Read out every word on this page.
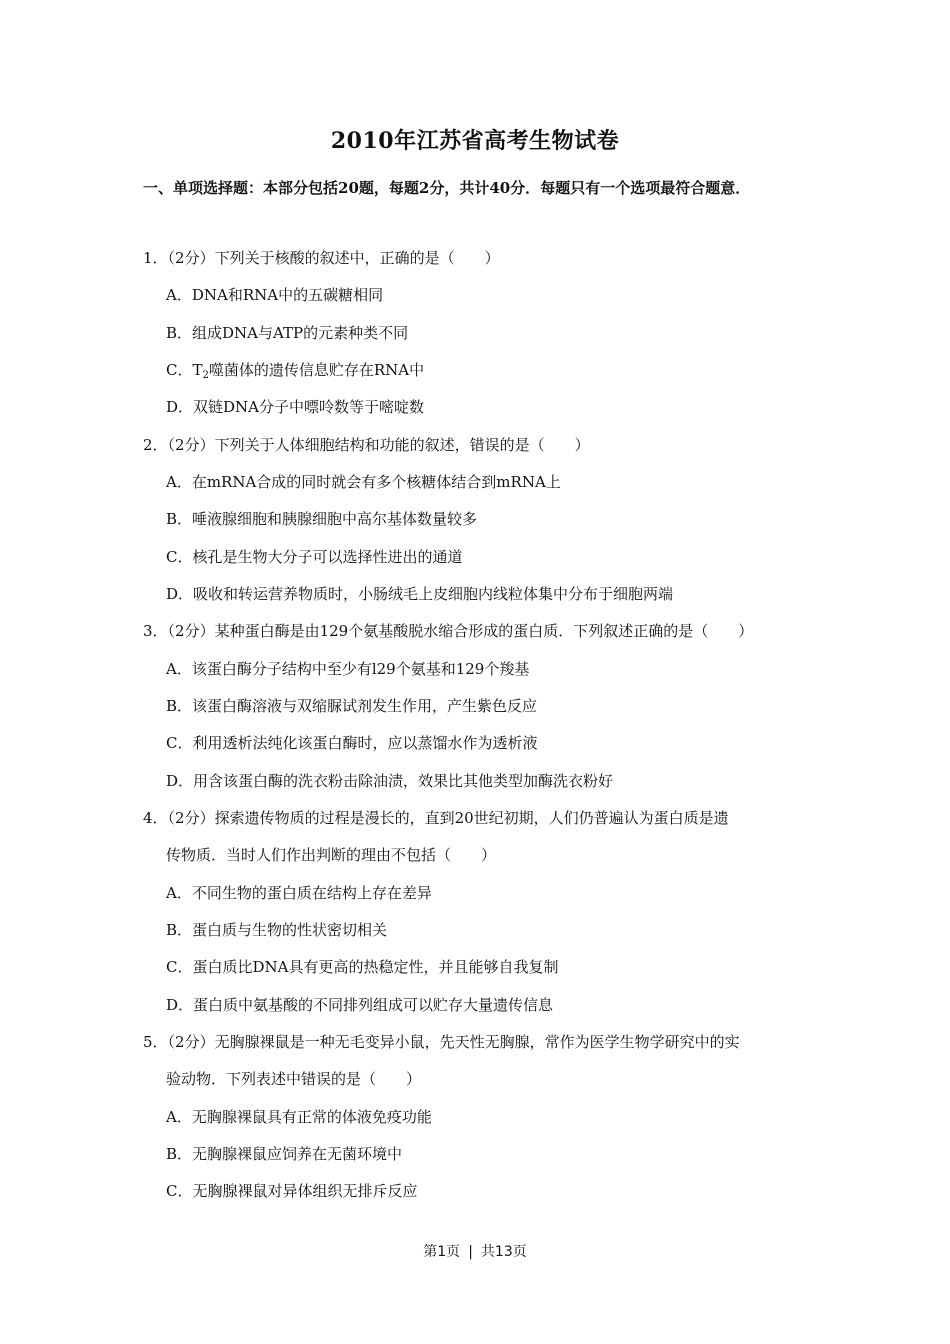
2010年江苏省高考生物试卷
一、单项选择题：本部分包括20题，每题2分，共计40分．每题只有一个选项最符合题意．
1．（2分）下列关于核酸的叙述中，正确的是（　　）
A．DNA和RNA中的五碳糖相同
B．组成DNA与ATP的元素种类不同
C．$T_2$噬菌体的遗传信息贮存在RNA中
D．双链DNA分子中嘌呤数等于嘧啶数
2．（2分）下列关于人体细胞结构和功能的叙述，错误的是（　　）
A．在mRNA合成的同时就会有多个核糖体结合到mRNA上
B．唾液腺细胞和胰腺细胞中高尔基体数量较多
C．核孔是生物大分子可以选择性进出的通道
D．吸收和转运营养物质时，小肠绒毛上皮细胞内线粒体集中分布于细胞两端
3．（2分）某种蛋白酶是由129个氨基酸脱水缩合形成的蛋白质．下列叙述正确的是（　　）
A．该蛋白酶分子结构中至少有l29个氨基和129个羧基
B．该蛋白酶溶液与双缩脲试剂发生作用，产生紫色反应
C．利用透析法纯化该蛋白酶时，应以蒸馏水作为透析液
D．用含该蛋白酶的洗衣粉击除油渍，效果比其他类型加酶洗衣粉好
4．（2分）探索遗传物质的过程是漫长的，直到20世纪初期，人们仍普遍认为蛋白质是遗
传物质．当时人们作出判断的理由不包括（　　）
A．不同生物的蛋白质在结构上存在差异
B．蛋白质与生物的性状密切相关
C．蛋白质比DNA具有更高的热稳定性，并且能够自我复制
D．蛋白质中氨基酸的不同排列组成可以贮存大量遗传信息
5．（2分）无胸腺裸鼠是一种无毛变异小鼠，先天性无胸腺，常作为医学生物学研究中的实
验动物．下列表述中错误的是（　　）
A．无胸腺裸鼠具有正常的体液免疫功能
B．无胸腺裸鼠应饲养在无菌环境中
C．无胸腺裸鼠对异体组织无排斥反应
第1页 | 共13页
